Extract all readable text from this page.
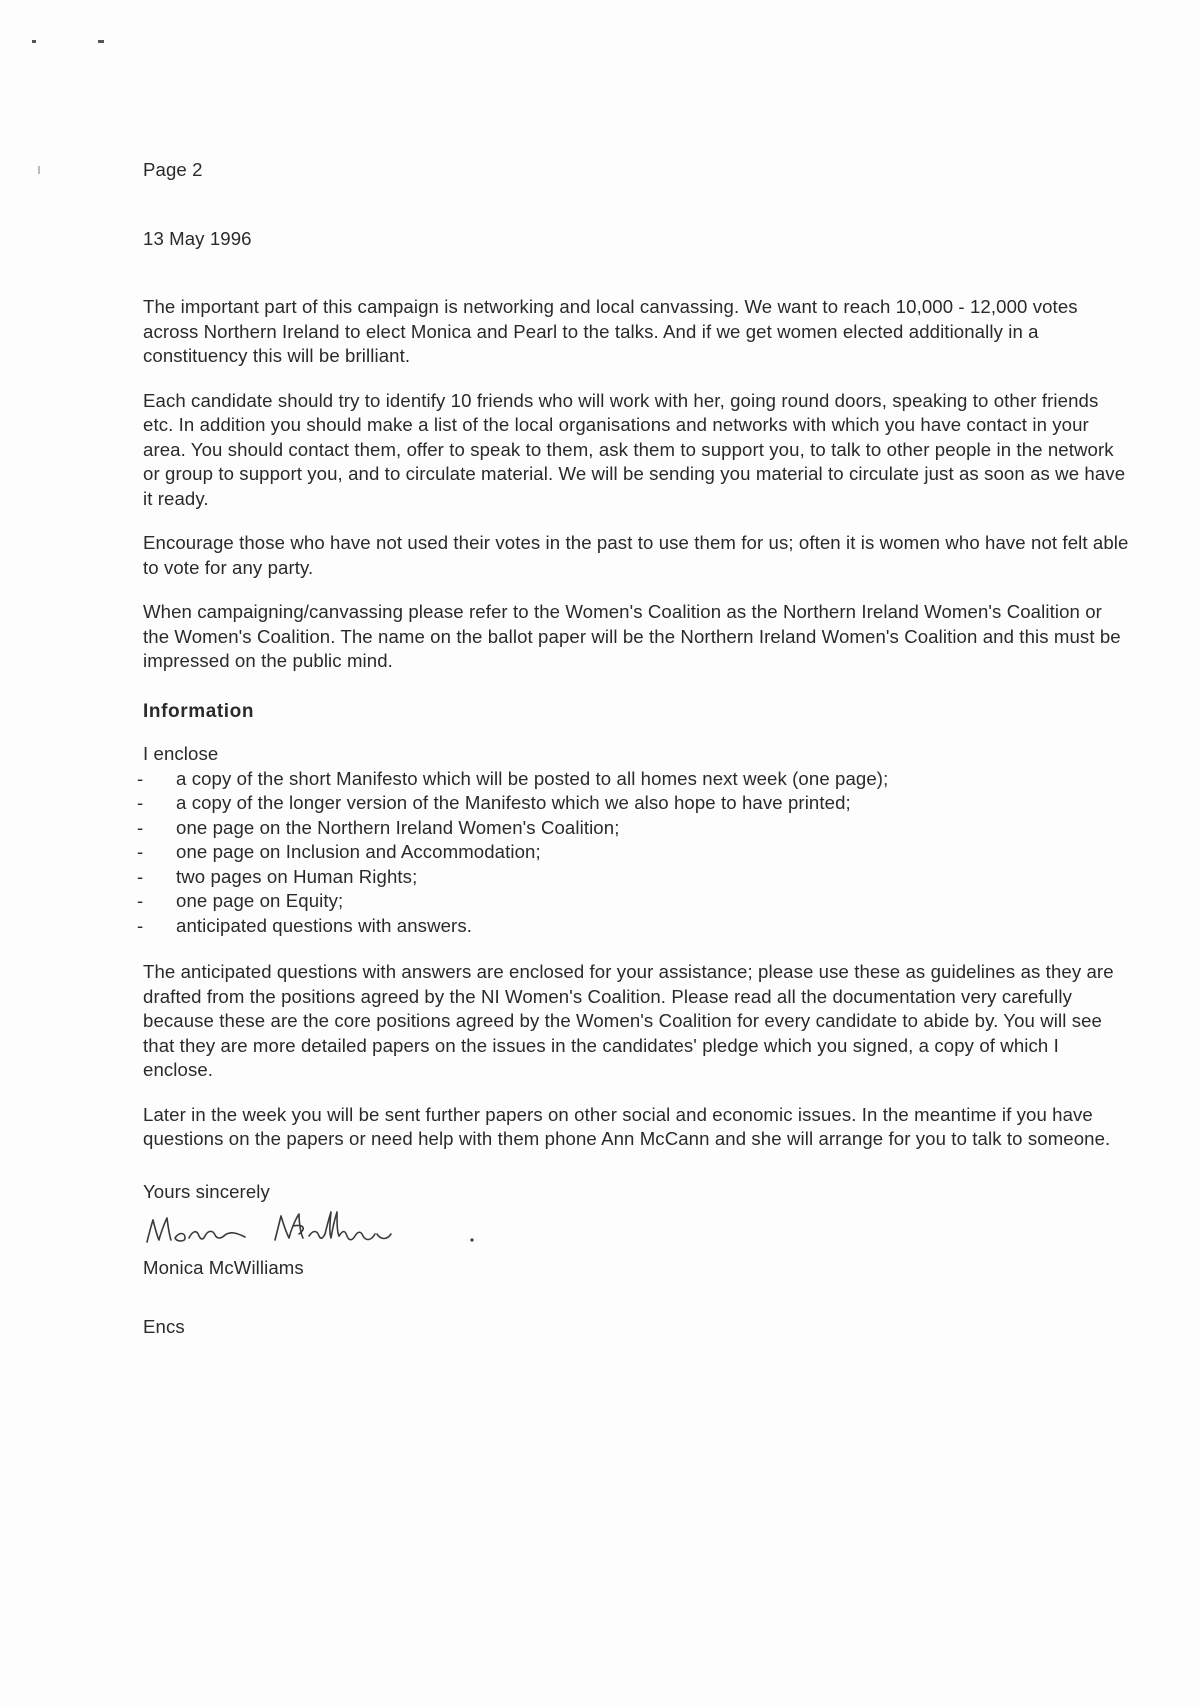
Page 2
13 May 1996

The important part of this campaign is networking and local canvassing. We want to reach 10,000 - 12,000 votes across Northern Ireland to elect Monica and Pearl to the talks. And if we get women elected additionally in a constituency this will be brilliant.

Each candidate should try to identify 10 friends who will work with her, going round doors, speaking to other friends etc. In addition you should make a list of the local organisations and networks with which you have contact in your area. You should contact them, offer to speak to them, ask them to support you, to talk to other people in the network or group to support you, and to circulate material. We will be sending you material to circulate just as soon as we have it ready.

Encourage those who have not used their votes in the past to use them for us; often it is women who have not felt able to vote for any party.

When campaigning/canvassing please refer to the Women's Coalition as the Northern Ireland Women's Coalition or the Women's Coalition. The name on the ballot paper will be the Northern Ireland Women's Coalition and this must be impressed on the public mind.

Information
I enclose
- a copy of the short Manifesto which will be posted to all homes next week (one page);
- a copy of the longer version of the Manifesto which we also hope to have printed;
- one page on the Northern Ireland Women's Coalition;
- one page on Inclusion and Accommodation;
- two pages on Human Rights;
- one page on Equity;
- anticipated questions with answers.

The anticipated questions with answers are enclosed for your assistance; please use these as guidelines as they are drafted from the positions agreed by the NI Women's Coalition. Please read all the documentation very carefully because these are the core positions agreed by the Women's Coalition for every candidate to abide by. You will see that they are more detailed papers on the issues in the candidates' pledge which you signed, a copy of which I enclose.

Later in the week you will be sent further papers on other social and economic issues. In the meantime if you have questions on the papers or need help with them phone Ann McCann and she will arrange for you to talk to someone.

Yours sincerely
Monica McWilliams
Encs
